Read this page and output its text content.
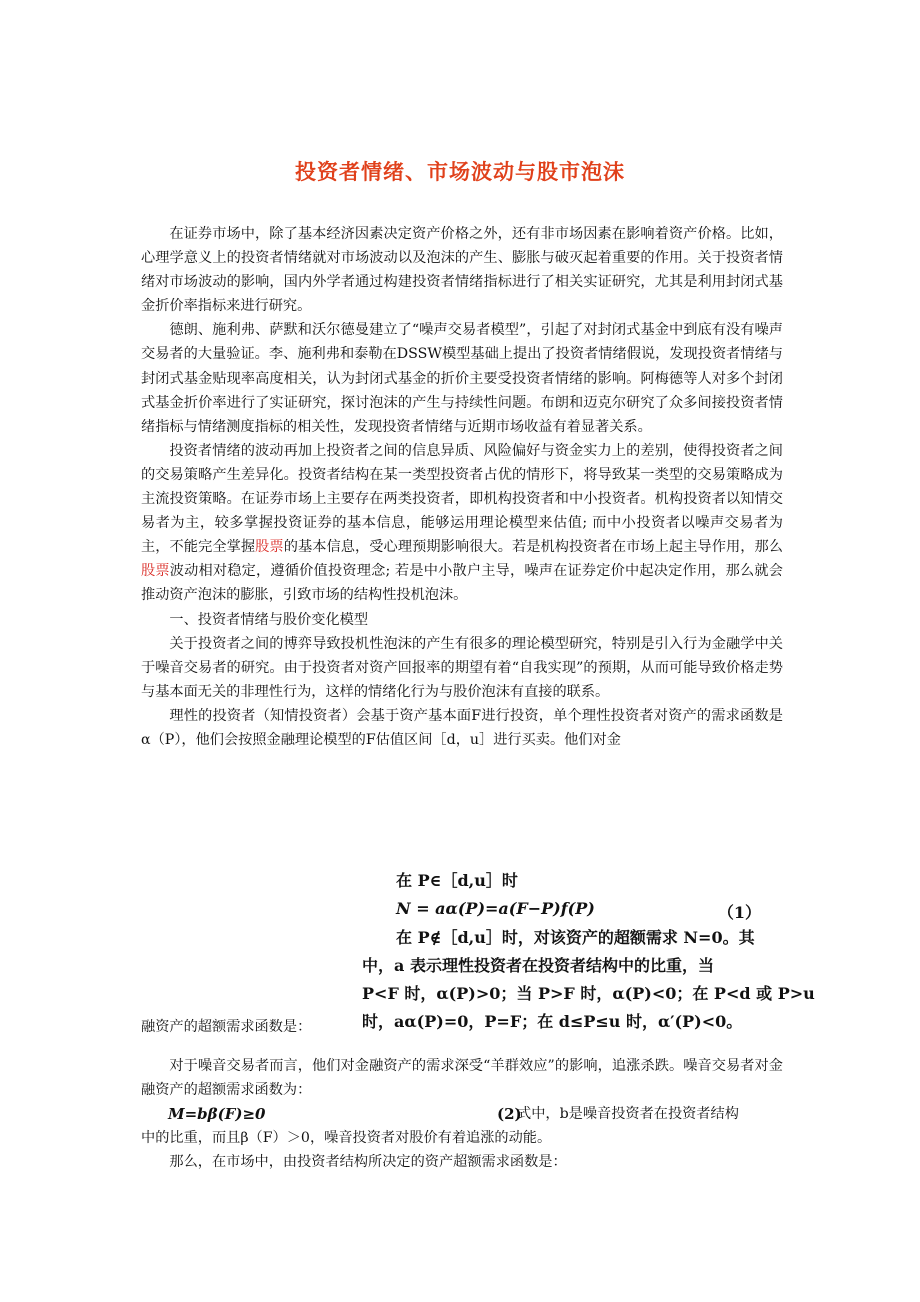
投资者情绪、市场波动与股市泡沫

在证券市场中，除了基本经济因素决定资产价格之外，还有非市场因素在影响着资产价格。比如，心理学意义上的投资者情绪就对市场波动以及泡沫的产生、膨胀与破灭起着重要的作用。关于投资者情绪对市场波动的影响，国内外学者通过构建投资者情绪指标进行了相关实证研究，尤其是利用封闭式基金折价率指标来进行研究。

德朗、施利弗、萨默和沃尔德曼建立了“噪声交易者模型”，引起了对封闭式基金中到底有没有噪声交易者的大量验证。李、施利弗和泰勒在DSSW模型基础上提出了投资者情绪假说，发现投资者情绪与封闭式基金贴现率高度相关，认为封闭式基金的折价主要受投资者情绪的影响。阿梅德等人对多个封闭式基金折价率进行了实证研究，探讨泡沫的产生与持续性问题。布朗和迈克尔研究了众多间接投资者情绪指标与情绪测度指标的相关性，发现投资者情绪与近期市场收益有着显著关系。

投资者情绪的波动再加上投资者之间的信息异质、风险偏好与资金实力上的差别，使得投资者之间的交易策略产生差异化。投资者结构在某一类型投资者占优的情形下，将导致某一类型的交易策略成为主流投资策略。在证券市场上主要存在两类投资者，即机构投资者和中小投资者。机构投资者以知情交易者为主，较多掌握投资证券的基本信息，能够运用理论模型来估值; 而中小投资者以噪声交易者为主，不能完全掌握股票的基本信息，受心理预期影响很大。若是机构投资者在市场上起主导作用，那么股票波动相对稳定，遵循价值投资理念; 若是中小散户主导，噪声在证券定价中起决定作用，那么就会推动资产泡沫的膨胀，引致市场的结构性投机泡沫。

一、投资者情绪与股价变化模型

关于投资者之间的博弈导致投机性泡沫的产生有很多的理论模型研究，特别是引入行为金融学中关于噪音交易者的研究。由于投资者对资产回报率的期望有着“自我实现”的预期，从而可能导致价格走势与基本面无关的非理性行为，这样的情绪化行为与股价泡沫有直接的联系。

理性的投资者（知情投资者）会基于资产基本面F进行投资，单个理性投资者对资产的需求函数是α（P），他们会按照金融理论模型的F估值区间［d，u］进行买卖。他们对金

融资产的超额需求函数是：
在 P∈［d,u］时
N = aα(P)=a(F−P)f(P)	（1）
在 P∉［d,u］时，对该资产的超额需求 N=0。其
中，a 表示理性投资者在投资者结构中的比重，当
P<F 时，α(P)>0；当 P>F 时，α(P)<0；在 P<d 或 P>u
时，aα(P)=0，P=F；在 d≤P≤u 时，α′(P)<0。

对于噪音交易者而言，他们对金融资产的需求深受“羊群效应”的影响，追涨杀跌。噪音交易者对金融资产的超额需求函数为：

M=bβ(F)≥0	(2)
式中，b是噪音投资者在投资者结构

中的比重，而且β（F）＞0，噪音投资者对股价有着追涨的动能。

那么，在市场中，由投资者结构所决定的资产超额需求函数是：
